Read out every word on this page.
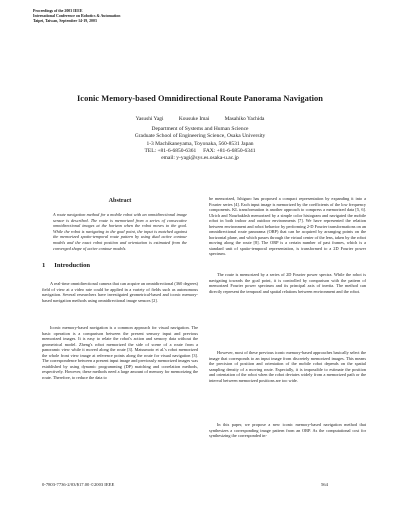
Proceedings of the 2003 IEEE
International Conference on Robotics & Automation
Taipei, Taiwan, September 14-19, 2003
Iconic Memory-based Omnidirectional Route Panorama Navigation
Yasushi Yagi	Kousuke Imai	Masahiko Yachida
Department of Systems and Human Science
Graduate School of Engineering Science, Osaka University
1-3 Machikaneyama, Toyonaka, 560-8531 Japan
TEL: +81-6-6850-6361     FAX: +81-6-6850-6341
email: y-yagi@sys.es.osaka-u.ac.jp
Abstract
A route navigation method for a mobile robot with an omnidirectional image sensor is described. The route is memorized from a series of consecutive omnidirectional images at the horizon when the robot moves to the goal. While the robot is navigating to the goal point, the input is matched against the memorized spatio-temporal route pattern by using dual active contour models and the exact robot position and orientation is estimated from the converged shape of active contour models.
1 Introduction
A real-time omnidirectional camera that can acquire an omnidirectional (360 degrees) field of view at a video rate could be applied in a variety of fields such as autonomous navigation. Several researchers have investigated geometrical-based and iconic memory-based navigation methods using omnidirectional image sensors [2].
Iconic memory-based navigation is a common approach for visual navigation. The basic operation is a comparison between the present sensory input and previous memorized images. It is easy to relate the robot's action and sensory data without the geometrical model. Zheng's robot memorized the side of scene of a route from a panoramic view while it moved along the route [3]. Matsumoto et al.'s robot memorized the whole front view image at reference points along the route for visual navigation [3]. The correspondence between a present input image and previously memorized images was established by using dynamic programming (DP) matching and correlation methods, respectively. However, these methods need a large amount of memory for memorizing the route. Therefore, to reduce the data to
be memorized, Ishiguro has proposed a compact representation by expanding it into a Fourier series [4]. Each input image is memorized by the coefficients of the low frequency components. KL transformation is another approach to compress a memorized data [5, 6]. Ulrich and Nourbakhsh memorized by a simple color histogram and navigated the mobile robot in both indoor and outdoor environments [7]. We have represented the relation between environment and robot behavior by performing 2-D Fourier transformations on an omnidirectional route panorama (ORP) that can be acquired by arranging points on the horizontal plane, and which passes through the virtual center of the lens, taken by the robot moving along the route [8]. The ORP is a certain number of past frames, which is a standard unit of spatio-temporal representation, is transformed to a 2D Fourier power spectrum.
The route is memorized by a series of 2D Fourier power spectra. While the robot is navigating towards the goal point, it is controlled by comparison with the pattern of memorized Fourier power spectrum and its principal axis of inertia. The method can directly represent the temporal and spatial relations between environment and the robot.
However, most of these previous iconic memory-based approaches basically select the image that corresponds to an input image from discretely memorized images. This means the precision of position and orientation of the mobile robot depends on the spatial sampling density of a moving route. Especially, it is impossible to estimate the position and orientation of the robot when the robot deviates widely from a memorized path or the interval between memorized positions are too wide.
In this paper, we propose a new iconic memory-based navigation method that synthesizes a corresponding image pattern from an ORP. As the computational cost for synthesizing the corresponded in-
0-7803-7736-2/03/$17.00 ©2003 IEEE	564
